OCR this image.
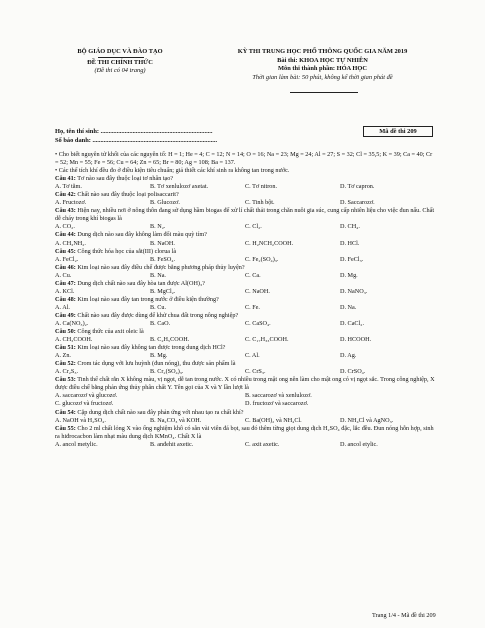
BỘ GIÁO DỤC VÀ ĐÀO TẠO
ĐỀ THI CHÍNH THỨC
(Đề thi có 04 trang)
KỲ THI TRUNG HỌC PHỔ THÔNG QUỐC GIA NĂM 2019
Bài thi: KHOA HỌC TỰ NHIÊN
Môn thi thành phần: HÓA HỌC
Thời gian làm bài: 50 phút, không kể thời gian phát đề
Họ, tên thí sinh: ......................................................................
Số báo danh: ..............................................................................
Mã đề thi 209

• Cho biết nguyên tử khối của các nguyên tố: H = 1; He = 4; C = 12; N = 14; O = 16; Na = 23; Mg = 24; Al = 27; S = 32; Cl = 35,5; K = 39; Ca = 40; Cr = 52; Mn = 55; Fe = 56; Cu = 64; Zn = 65; Br = 80; Ag = 108; Ba = 137.

• Các thể tích khí đều đo ở điều kiện tiêu chuẩn; giả thiết các khí sinh ra không tan trong nước.

Câu 41: Tơ nào sau đây thuộc loại tơ nhân tạo?

A. Tơ tằm.	B. Tơ xenlulozơ axetat.	C. Tơ nitron.	D. Tơ capron.

Câu 42: Chất nào sau đây thuộc loại polisaccarit?

A. Fructozơ.	B. Glucozơ.	C. Tinh bột.	D. Saccarozơ.

Câu 43: Hiện nay, nhiều nơi ở nông thôn đang sử dụng hầm biogas để xử lí chất thải trong chăn nuôi gia súc, cung cấp nhiên liệu cho việc đun nấu. Chất dễ cháy trong khí biogas là

A. CO₂.	B. N₂.	C. Cl₂.	D. CH₄.

Câu 44: Dung dịch nào sau đây không làm đổi màu quỳ tím?

A. CH₃NH₂.	B. NaOH.	C. H₂NCH₂COOH.	D. HCl.

Câu 45: Công thức hóa học của sắt(III) clorua là

A. FeCl₂.	B. FeSO₄.	C. Fe₂(SO₄)₃.	D. FeCl₃.

Câu 46: Kim loại nào sau đây điều chế được bằng phương pháp thủy luyện?

A. Cu.	B. Na.	C. Ca.	D. Mg.

Câu 47: Dung dịch chất nào sau đây hòa tan được Al(OH)₃?

A. KCl.	B. MgCl₂.	C. NaOH.	D. NaNO₃.

Câu 48: Kim loại nào sau đây tan trong nước ở điều kiện thường?

A. Al.	B. Cu.	C. Fe.	D. Na.

Câu 49: Chất nào sau đây được dùng để khử chua đất trong nông nghiệp?

A. Ca(NO₃)₂.	B. CaO.	C. CaSO₄.	D. CaCl₂.

Câu 50: Công thức của axit oleic là

A. CH₃COOH.	B. C₂H₅COOH.	C. C₁₇H₃₃COOH.	D. HCOOH.

Câu 51: Kim loại nào sau đây không tan được trong dung dịch HCl?

A. Zn.	B. Mg.	C. Al.	D. Ag.

Câu 52: Crom tác dụng với lưu huỳnh (đun nóng), thu được sản phẩm là

A. Cr₂S₃.	B. Cr₂(SO₄)₃.	C. CrS₃.	D. CrSO₄.

Câu 53: Tinh thể chất rắn X không màu, vị ngọt, dễ tan trong nước. X có nhiều trong mật ong nên làm cho mật ong có vị ngọt sắc. Trong công nghiệp, X được điều chế bằng phản ứng thủy phân chất Y. Tên gọi của X và Y lần lượt là

A. saccarozơ và glucozơ.	B. saccarozơ và xenlulozơ.
C. glucozơ và fructozơ.	D. fructozơ và saccarozơ.

Câu 54: Cặp dung dịch chất nào sau đây phản ứng với nhau tạo ra chất khí?

A. NaOH và H₂SO₄.	B. Na₂CO₃ và KOH.	C. Ba(OH)₂ và NH₄Cl.	D. NH₄Cl và AgNO₃.

Câu 55: Cho 2 ml chất lỏng X vào ống nghiệm khô có sẵn vài viên đá bọt, sau đó thêm từng giọt dung dịch H₂SO₄ đặc, lắc đều. Đun nóng hỗn hợp, sinh ra hiđrocacbon làm nhạt màu dung dịch KMnO₄. Chất X là

A. ancol metylic.	B. anđehit axetic.	C. axit axetic.	D. ancol etylic.
Trang 1/4 - Mã đề thi 209
